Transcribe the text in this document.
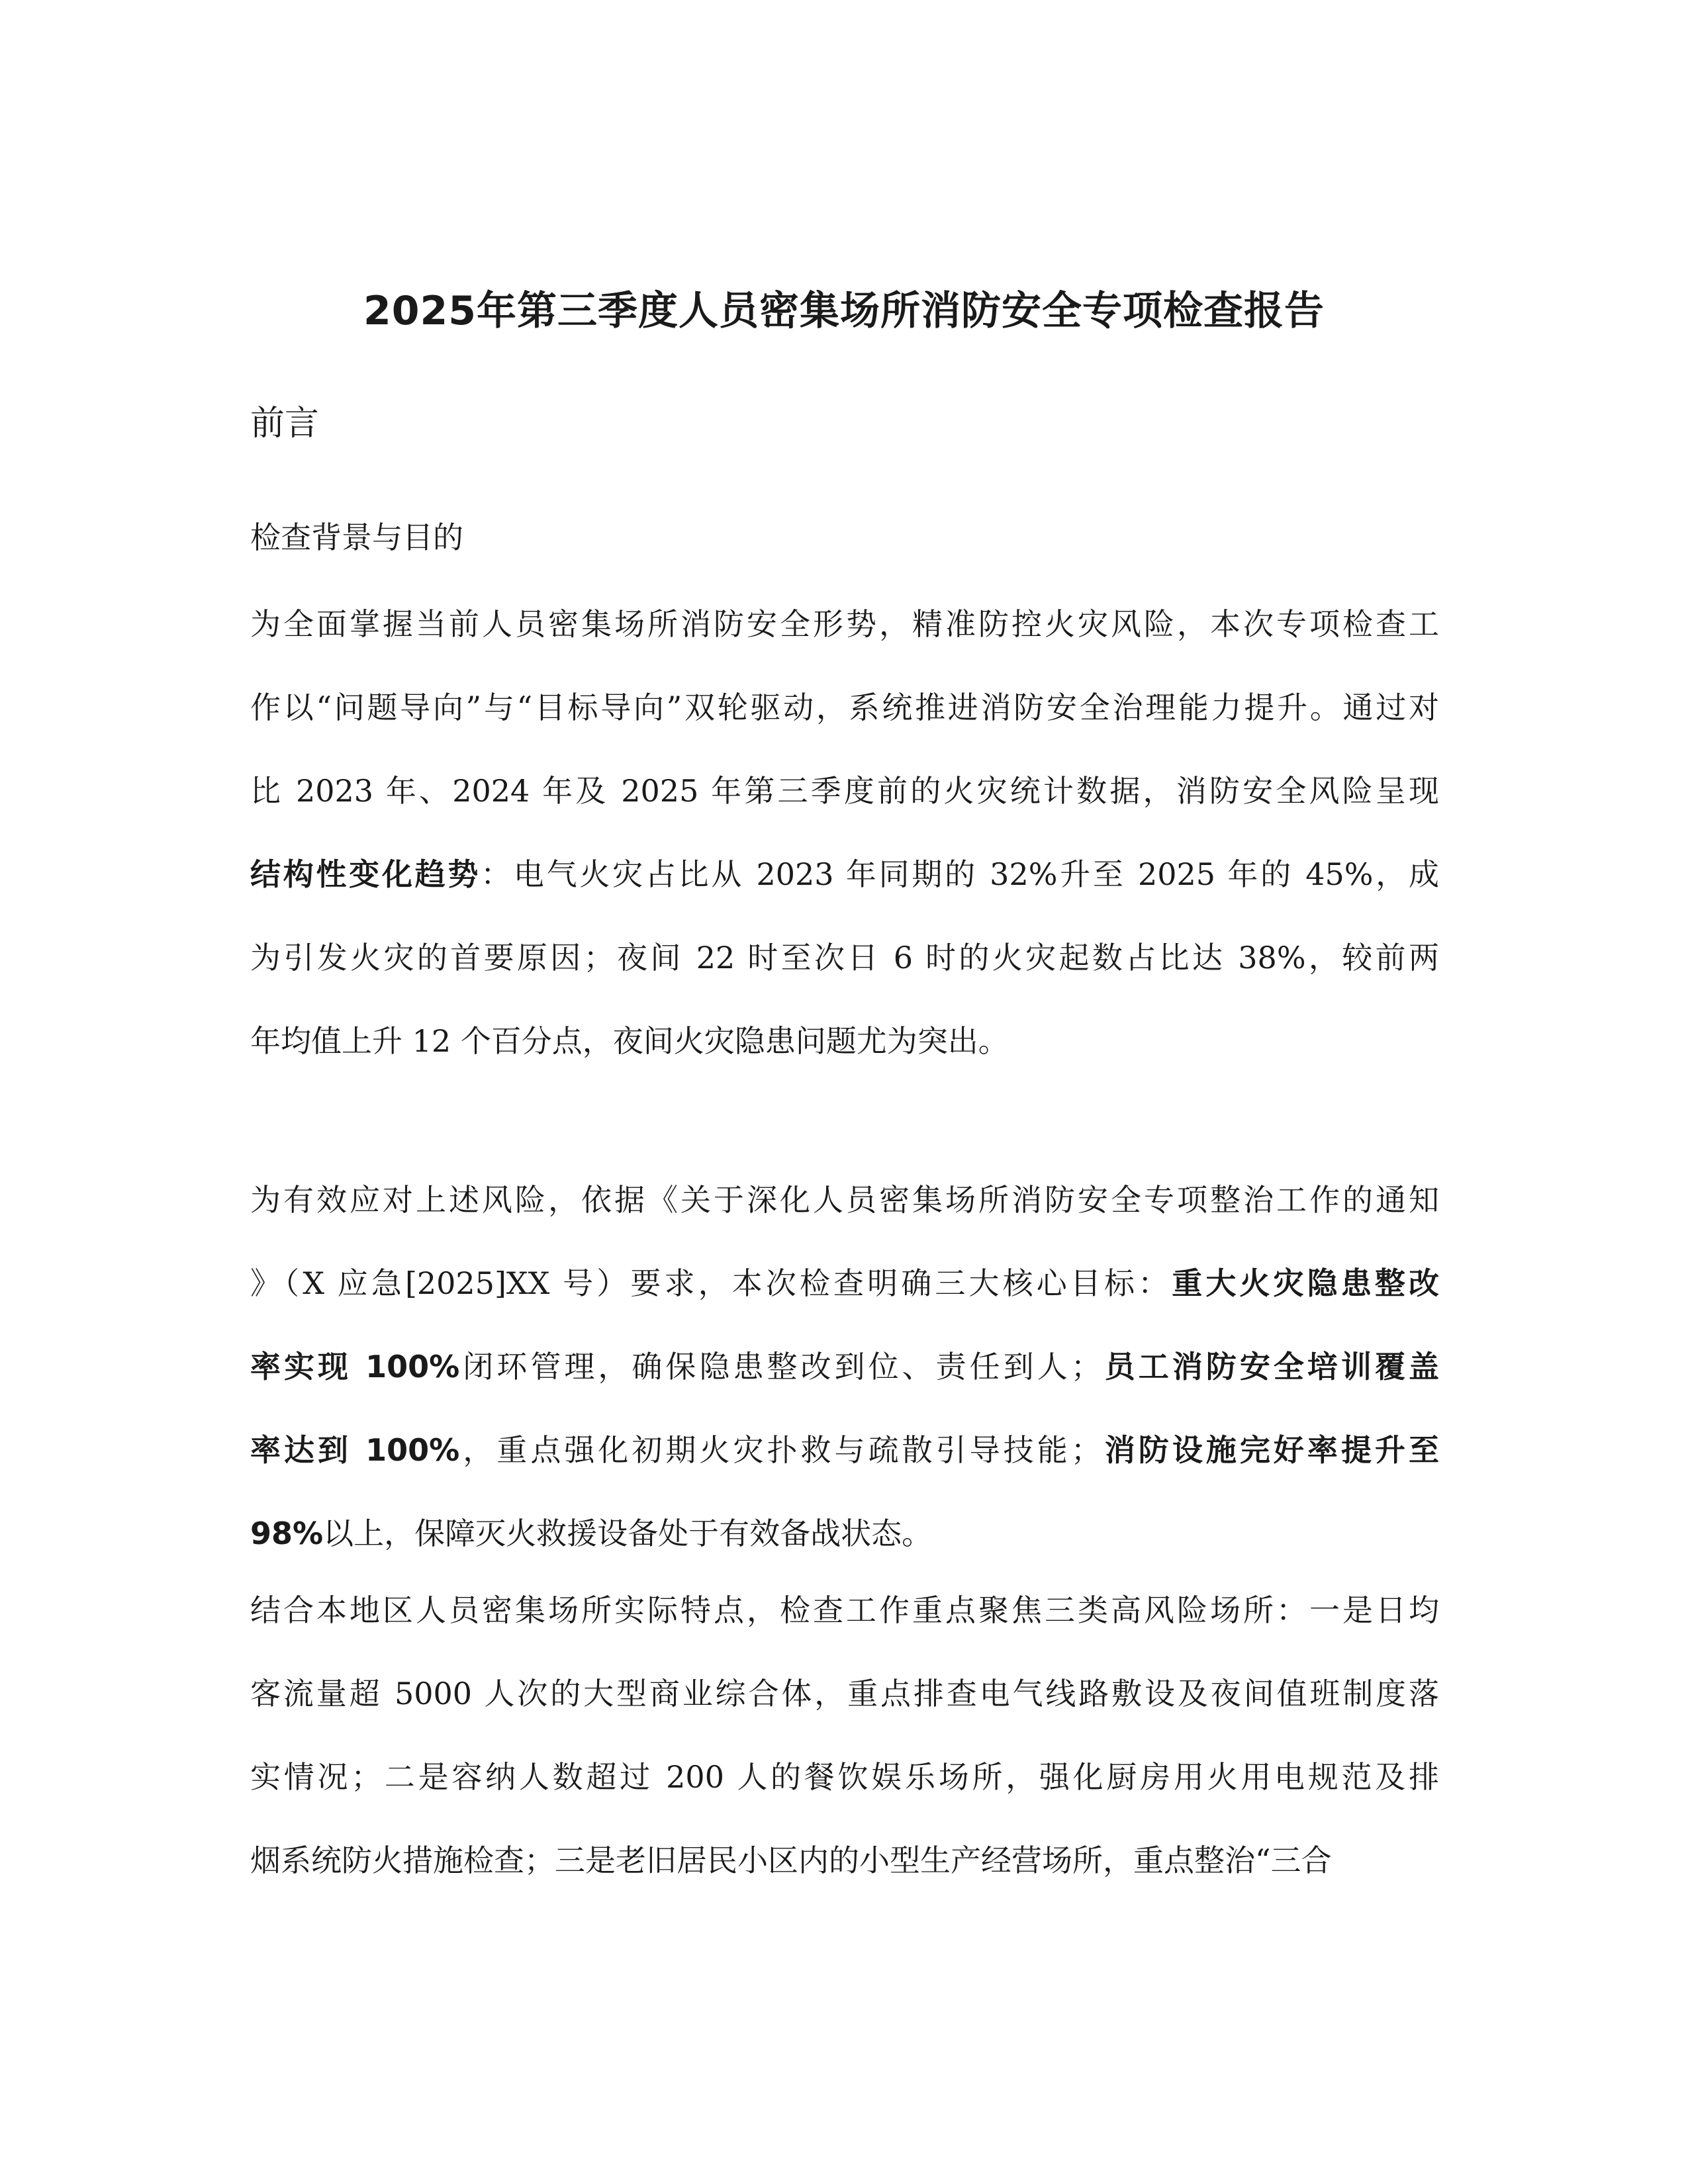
2025年第三季度人员密集场所消防安全专项检查报告
前言
检查背景与目的

为全面掌握当前人员密集场所消防安全形势，精准防控火灾风险，本次专项检查工
作以“问题导向”与“目标导向”双轮驱动，系统推进消防安全治理能力提升。通过对
比 2023 年、2024 年及 2025 年第三季度前的火灾统计数据，消防安全风险呈现
结构性变化趋势：电气火灾占比从 2023 年同期的 32%升至 2025 年的 45%，成
为引发火灾的首要原因；夜间 22 时至次日 6 时的火灾起数占比达 38%，较前两
年均值上升 12 个百分点，夜间火灾隐患问题尤为突出。

为有效应对上述风险，依据《关于深化人员密集场所消防安全专项整治工作的通知
》（X 应急[2025]XX 号）要求，本次检查明确三大核心目标：重大火灾隐患整改
率实现 100%闭环管理，确保隐患整改到位、责任到人；员工消防安全培训覆盖
率达到 100%，重点强化初期火灾扑救与疏散引导技能；消防设施完好率提升至
98%以上，保障灭火救援设备处于有效备战状态。

结合本地区人员密集场所实际特点，检查工作重点聚焦三类高风险场所：一是日均
客流量超 5000 人次的大型商业综合体，重点排查电气线路敷设及夜间值班制度落
实情况；二是容纳人数超过 200 人的餐饮娱乐场所，强化厨房用火用电规范及排
烟系统防火措施检查；三是老旧居民小区内的小型生产经营场所，重点整治“三合
